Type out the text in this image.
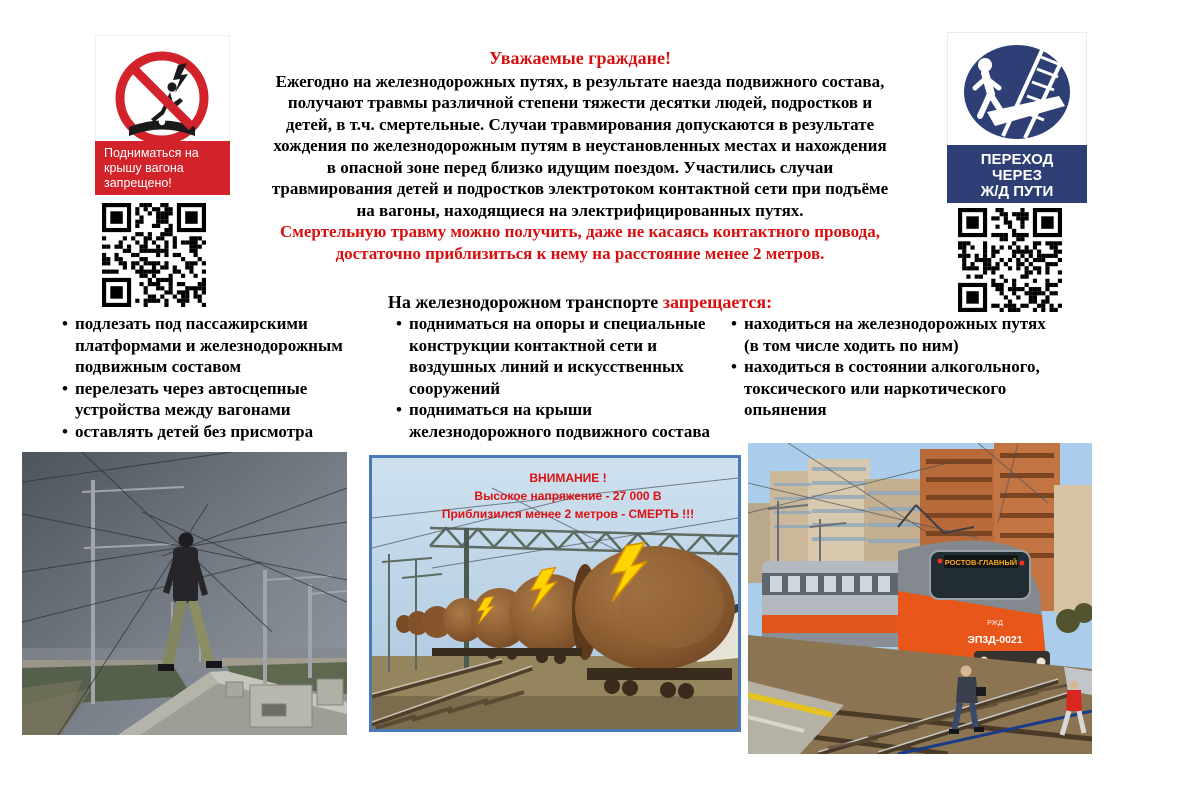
Подниматься на
крышу вагона
запрещено!
ПЕРЕХОД
ЧЕРЕЗ
Ж/Д ПУТИ
Уважаемые граждане!
Ежегодно на железнодорожных путях, в результате наезда подвижного состава, получают травмы различной степени тяжести десятки людей, подростков и детей, в т.ч. смертельные. Случаи травмирования допускаются в результате хождения по железнодорожным путям в неустановленных местах и нахождения в опасной зоне перед близко идущим поездом. Участились случаи травмирования детей и подростков электротоком контактной сети при подъёме на вагоны, находящиеся на электрифицированных путях.
Смертельную травму можно получить, даже не касаясь контактного провода, достаточно приблизиться к нему на расстояние менее 2 метров.
На железнодорожном транспорте запрещается:
• подлезать под пассажирскими платформами и железнодорожным подвижным составом
• перелезать через автосцепные устройства между вагонами
• оставлять детей без присмотра
• подниматься на опоры и специальные конструкции контактной сети и воздушных линий и искусственных сооружений
• подниматься на крыши железнодорожного подвижного состава
• находиться на железнодорожных путях (в том числе ходить по ним)
• находиться в состоянии алкогольного, токсического или наркотического опьянения
ВНИМАНИЕ !
Высокое напряжение - 27 000 В
Приблизился менее 2 метров - СМЕРТЬ !!!
РОСТОВ-ГЛАВНЫЙ
РЖД
ЭП3Д-0021
